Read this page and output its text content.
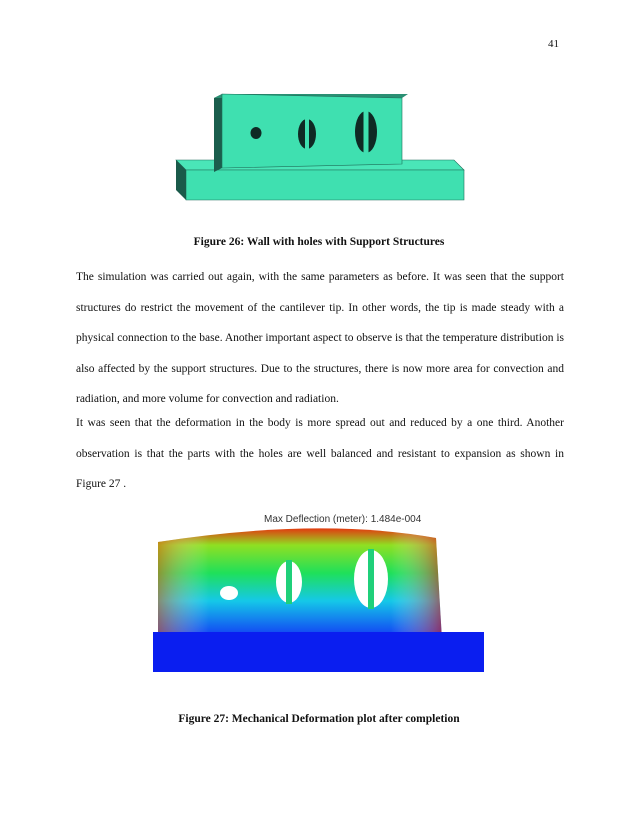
41
Figure 26: Wall with holes with Support Structures

The simulation was carried out again, with the same parameters as before. It was seen that the support structures do restrict the movement of the cantilever tip. In other words, the tip is made steady with a physical connection to the base. Another important aspect to observe is that the temperature distribution is also affected by the support structures. Due to the structures, there is now more area for convection and radiation, and more volume for convection and radiation.

It was seen that the deformation in the body is more spread out and reduced by a one third. Another observation is that the parts with the holes are well balanced and resistant to expansion as shown in Figure 27 .

Max Deflection (meter): 1.484e-004
Figure 27: Mechanical Deformation plot after completion
